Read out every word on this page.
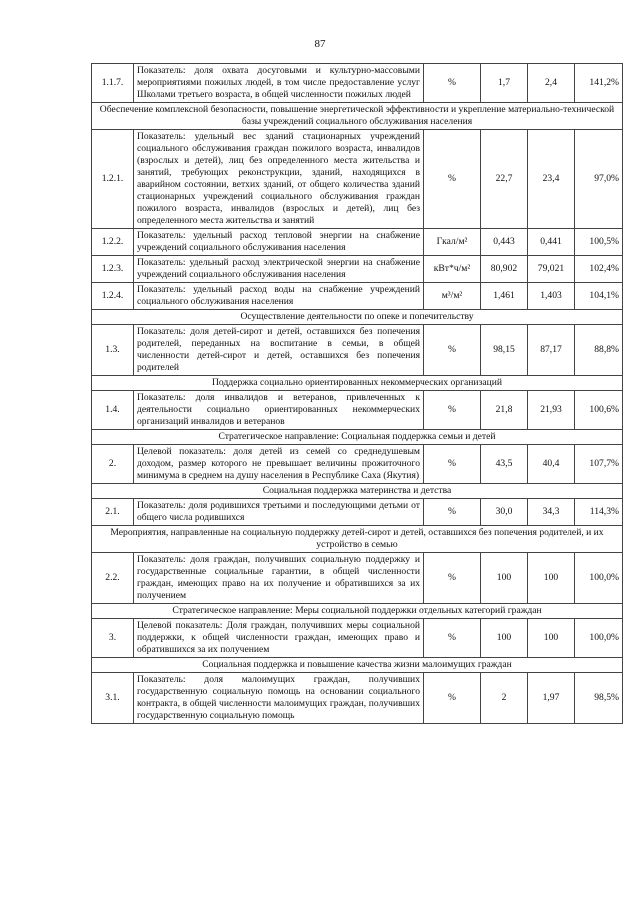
87
1.1.7.	Показатель: доля охвата досуговыми и культурно-массовыми мероприятиями пожилых людей, в том числе предоставление услуг Школами третьего возраста, в общей численности пожилых людей	%	1,7	2,4	141,2%
Обеспечение комплексной безопасности, повышение энергетической эффективности и укрепление материально-технической базы учреждений социального обслуживания населения					
1.2.1.	Показатель: удельный вес зданий стационарных учреждений социального обслуживания граждан пожилого возраста, инвалидов (взрослых и детей), лиц без определенного места жительства и занятий, требующих реконструкции, зданий, находящихся в аварийном состоянии, ветхих зданий, от общего количества зданий стационарных учреждений социального обслуживания граждан пожилого возраста, инвалидов (взрослых и детей), лиц без определенного места жительства и занятий	%	22,7	23,4	97,0%
1.2.2.	Показатель: удельный расход тепловой энергии на снабжение учреждений социального обслуживания населения	Гкал/м²	0,443	0,441	100,5%
1.2.3.	Показатель: удельный расход электрической энергии на снабжение учреждений социального обслуживания населения	кВт*ч/м²	80,902	79,021	102,4%
1.2.4.	Показатель: удельный расход воды на снабжение учреждений социального обслуживания населения	м³/м²	1,461	1,403	104,1%
Осуществление деятельности по опеке и попечительству					
1.3.	Показатель: доля детей-сирот и детей, оставшихся без попечения родителей, переданных на воспитание в семьи, в общей численности детей-сирот и детей, оставшихся без попечения родителей	%	98,15	87,17	88,8%
Поддержка социально ориентированных некоммерческих организаций					
1.4.	Показатель: доля инвалидов и ветеранов, привлеченных к деятельности социально ориентированных некоммерческих организаций инвалидов и ветеранов	%	21,8	21,93	100,6%
Стратегическое направление: Социальная поддержка семьи и детей					
2.	Целевой показатель: доля детей из семей со среднедушевым доходом, размер которого не превышает величины прожиточного минимума в среднем на душу населения в Республике Саха (Якутия)	%	43,5	40,4	107,7%
Социальная поддержка материнства и детства					
2.1.	Показатель: доля родившихся третьими и последующими детьми от общего числа родившихся	%	30,0	34,3	114,3%
Мероприятия, направленные на социальную поддержку детей-сирот и детей, оставшихся без попечения родителей, и их устройство в семью					
2.2.	Показатель: доля граждан, получивших социальную поддержку и государственные социальные гарантии, в общей численности граждан, имеющих право на их получение и обратившихся за их получением	%	100	100	100,0%
Стратегическое направление: Меры социальной поддержки отдельных категорий граждан					
3.	Целевой показатель: Доля граждан, получивших меры социальной поддержки, к общей численности граждан, имеющих право и обратившихся за их получением	%	100	100	100,0%
Социальная поддержка и повышение качества жизни малоимущих граждан					
3.1.	Показатель: доля малоимущих граждан, получивших государственную социальную помощь на основании социального контракта, в общей численности малоимущих граждан, получивших государственную социальную помощь	%	2	1,97	98,5%
